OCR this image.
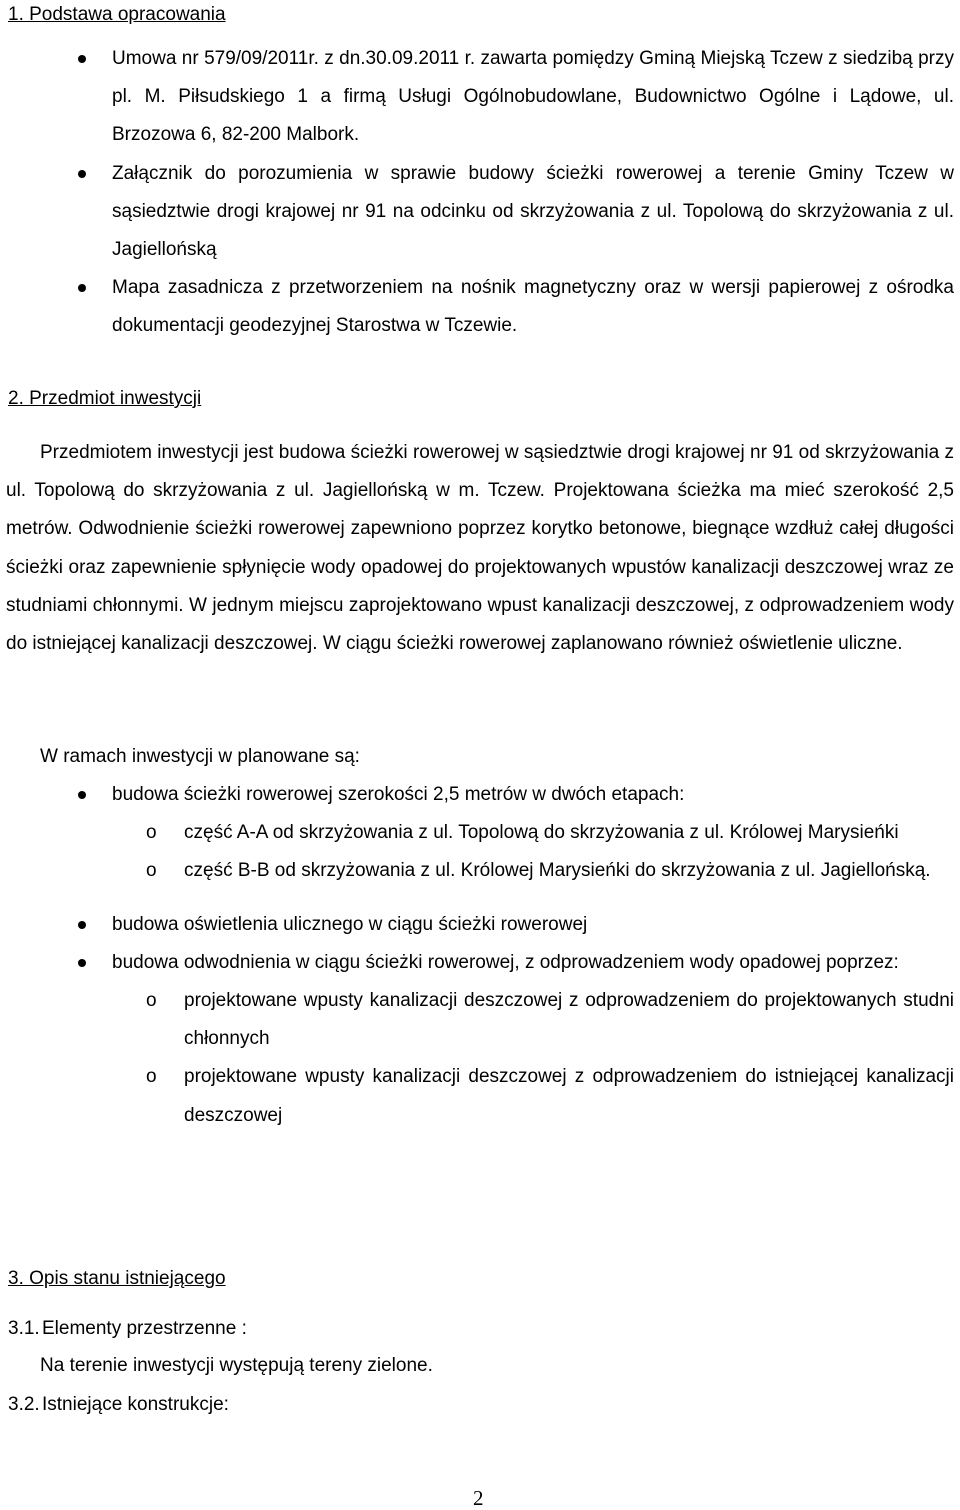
1. Podstawa opracowania
Umowa nr 579/09/2011r. z dn.30.09.2011 r. zawarta pomiędzy Gminą Miejską Tczew z siedzibą przy pl. M. Piłsudskiego 1 a firmą Usługi Ogólnobudowlane, Budownictwo Ogólne i Lądowe, ul. Brzozowa 6, 82-200 Malbork.
Załącznik do porozumienia w sprawie budowy ścieżki rowerowej a terenie Gminy Tczew w sąsiedztwie drogi krajowej nr 91 na odcinku od skrzyżowania z ul. Topolową do skrzyżowania z ul. Jagiellońską
Mapa zasadnicza z przetworzeniem na nośnik magnetyczny oraz w wersji papierowej z ośrodka dokumentacji geodezyjnej Starostwa w Tczewie.
2. Przedmiot inwestycji
Przedmiotem inwestycji jest budowa ścieżki rowerowej w sąsiedztwie drogi krajowej nr 91 od skrzyżowania z ul. Topolową do skrzyżowania z ul. Jagiellońską w m. Tczew. Projektowana ścieżka ma mieć szerokość 2,5 metrów. Odwodnienie ścieżki rowerowej zapewniono poprzez korytko betonowe, biegnące wzdłuż całej długości ścieżki oraz zapewnienie spłynięcie wody opadowej do projektowanych wpustów kanalizacji deszczowej wraz ze studniami chłonnymi. W jednym miejscu zaprojektowano wpust kanalizacji deszczowej, z odprowadzeniem wody do istniejącej kanalizacji deszczowej. W ciągu ścieżki rowerowej zaplanowano również oświetlenie uliczne.
W ramach inwestycji w planowane są:
budowa ścieżki rowerowej szerokości 2,5 metrów w dwóch etapach:
o część A-A od skrzyżowania z ul. Topolową do skrzyżowania z ul. Królowej Marysieńki
o część B-B od skrzyżowania z ul. Królowej Marysieńki do skrzyżowania z ul. Jagiellońską.
budowa oświetlenia ulicznego w ciągu ścieżki rowerowej
budowa odwodnienia w ciągu ścieżki rowerowej, z odprowadzeniem wody opadowej poprzez:
o projektowane wpusty kanalizacji deszczowej z odprowadzeniem do projektowanych studni chłonnych
o projektowane wpusty kanalizacji deszczowej z odprowadzeniem do istniejącej kanalizacji deszczowej
3. Opis stanu istniejącego
3.1. Elementy przestrzenne :
Na terenie inwestycji występują tereny zielone.
3.2. Istniejące konstrukcje:
2
